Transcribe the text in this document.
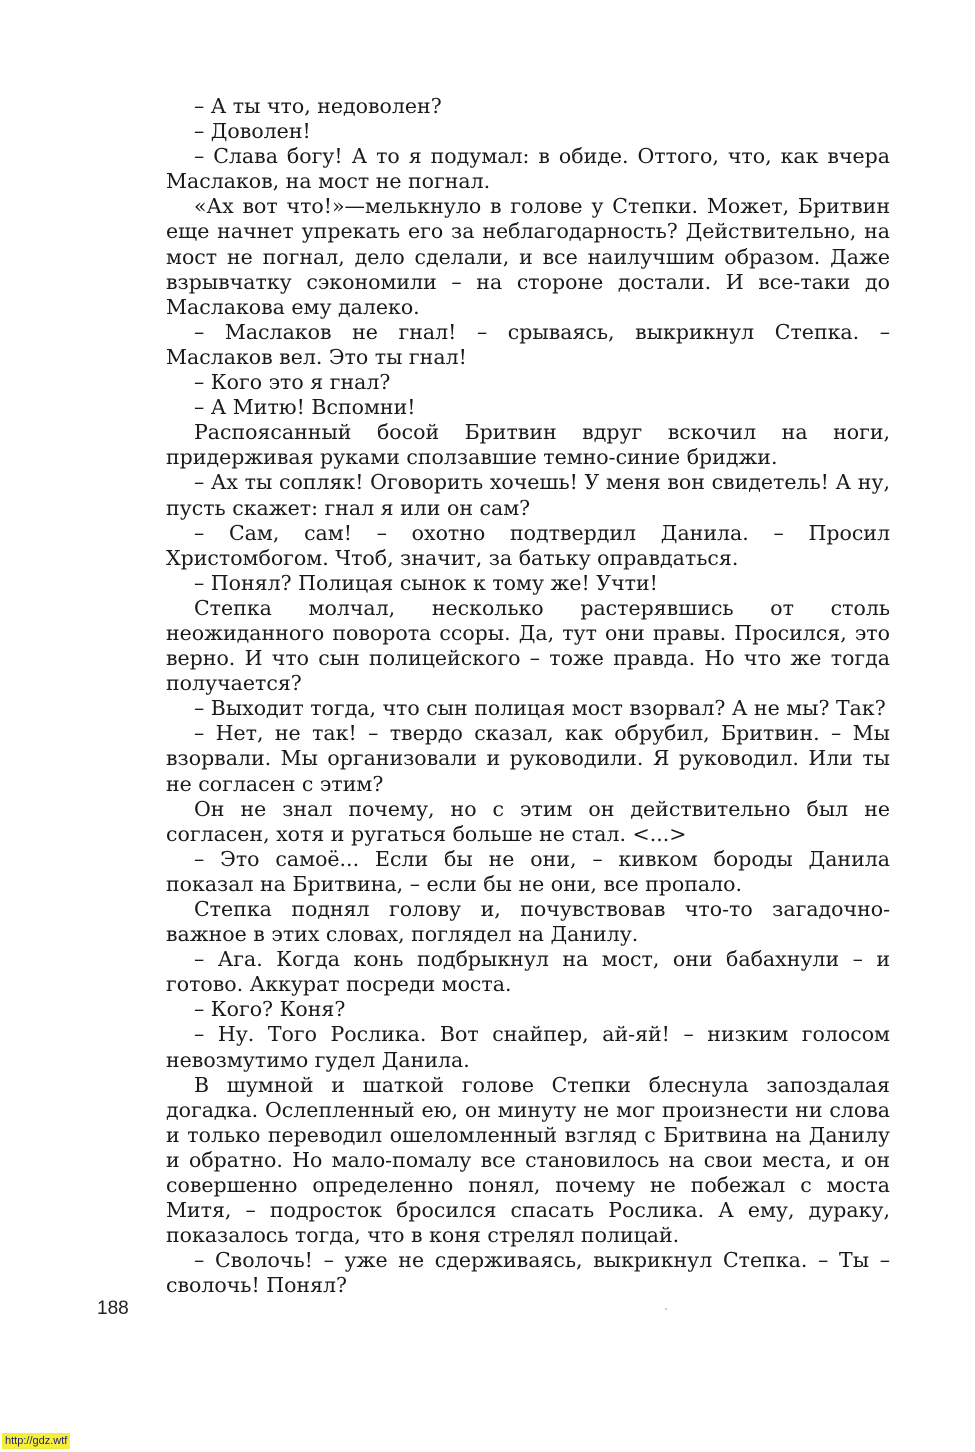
– А ты что, недоволен?

– Доволен!

– Слава богу! А то я подумал: в обиде. Оттого, что, как вчера Маслаков, на мост не погнал.

«Ах вот что!»—мелькнуло в голове у Степки. Может, Бритвин еще начнет упрекать его за неблагодарность? Действительно, на мост не погнал, дело сделали, и все наилучшим образом. Даже взрывчатку сэкономили – на стороне достали. И все-таки до Маслакова ему далеко.

– Маслаков не гнал! – срываясь, выкрикнул Степка. – Маслаков вел. Это ты гнал!

– Кого это я гнал?

– А Митю! Вспомни!

Распоясанный босой Бритвин вдруг вскочил на ноги, придерживая руками сползавшие темно-синие бриджи.

– Ах ты сопляк! Оговорить хочешь! У меня вон свидетель! А ну, пусть скажет: гнал я или он сам?

– Сам, сам! – охотно подтвердил Данила. – Просил Христомбогом. Чтоб, значит, за батьку оправдаться.

– Понял? Полицая сынок к тому же! Учти!

Степка молчал, несколько растерявшись от столь неожиданного поворота ссоры. Да, тут они правы. Просился, это верно. И что сын полицейского – тоже правда. Но что же тогда получается?

– Выходит тогда, что сын полицая мост взорвал? А не мы? Так?

– Нет, не так! – твердо сказал, как обрубил, Бритвин. – Мы взорвали. Мы организовали и руководили. Я руководил. Или ты не согласен с этим?

Он не знал почему, но с этим он действительно был не согласен, хотя и ругаться больше не стал. <...>

– Это самоё... Если бы не они, – кивком бороды Данила показал на Бритвина, – если бы не они, все пропало.

Степка поднял голову и, почувствовав что-то загадочно-важное в этих словах, поглядел на Данилу.

– Ага. Когда конь подбрыкнул на мост, они бабахнули – и готово. Аккурат посреди моста.

– Кого? Коня?

– Ну. Того Рослика. Вот снайпер, ай-яй! – низким голосом невозмутимо гудел Данила.

В шумной и шаткой голове Степки блеснула запоздалая догадка. Ослепленный ею, он минуту не мог произнести ни слова и только переводил ошеломленный взгляд с Бритвина на Данилу и обратно. Но мало-помалу все становилось на свои места, и он совершенно определенно понял, почему не побежал с моста Митя, – подросток бросился спасать Рослика. А ему, дураку, показалось тогда, что в коня стрелял полицай.

– Сволочь! – уже не сдерживаясь, выкрикнул Степка. – Ты – сволочь! Понял?

188
http://gdz.wtf
